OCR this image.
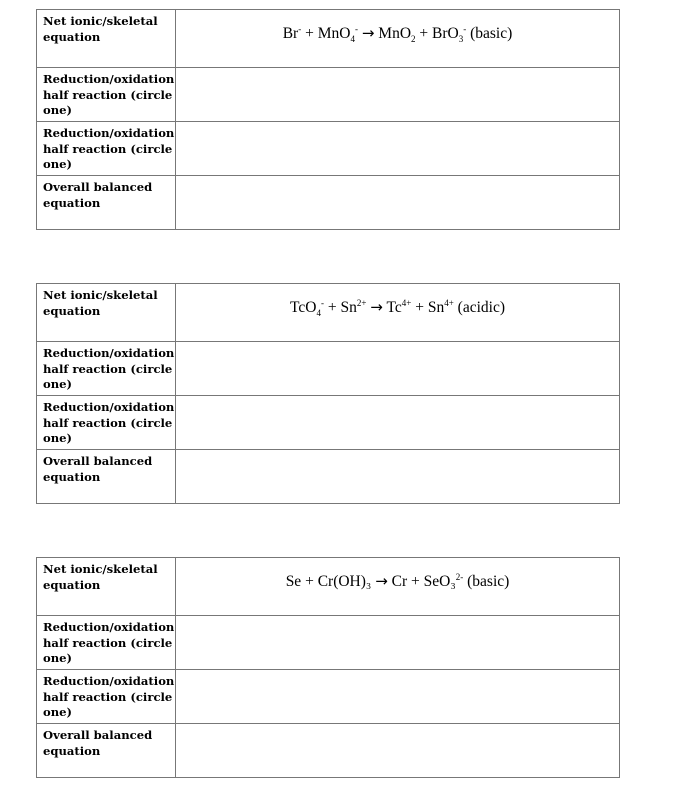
Net ionic/skeletal equation	Br- + MnO$_4$- → MnO$_2$ + BrO$_3$- (basic)
Reduction/oxidation half reaction (circle one)	
Reduction/oxidation half reaction (circle one)	
Overall balanced equation	
Net ionic/skeletal equation	$TcO_4^- + Sn^{2+} \to Tc^{4+} + Sn^{4+}$ (acidic)
Reduction/oxidation half reaction (circle one)	
Reduction/oxidation half reaction (circle one)	
Overall balanced equation	
Net ionic/skeletal equation	Se + Cr(OH)₃ → Cr + SeO₃$^{2-}$ (basic)
Reduction/oxidation half reaction (circle one)	
Reduction/oxidation half reaction (circle one)	
Overall balanced equation	
